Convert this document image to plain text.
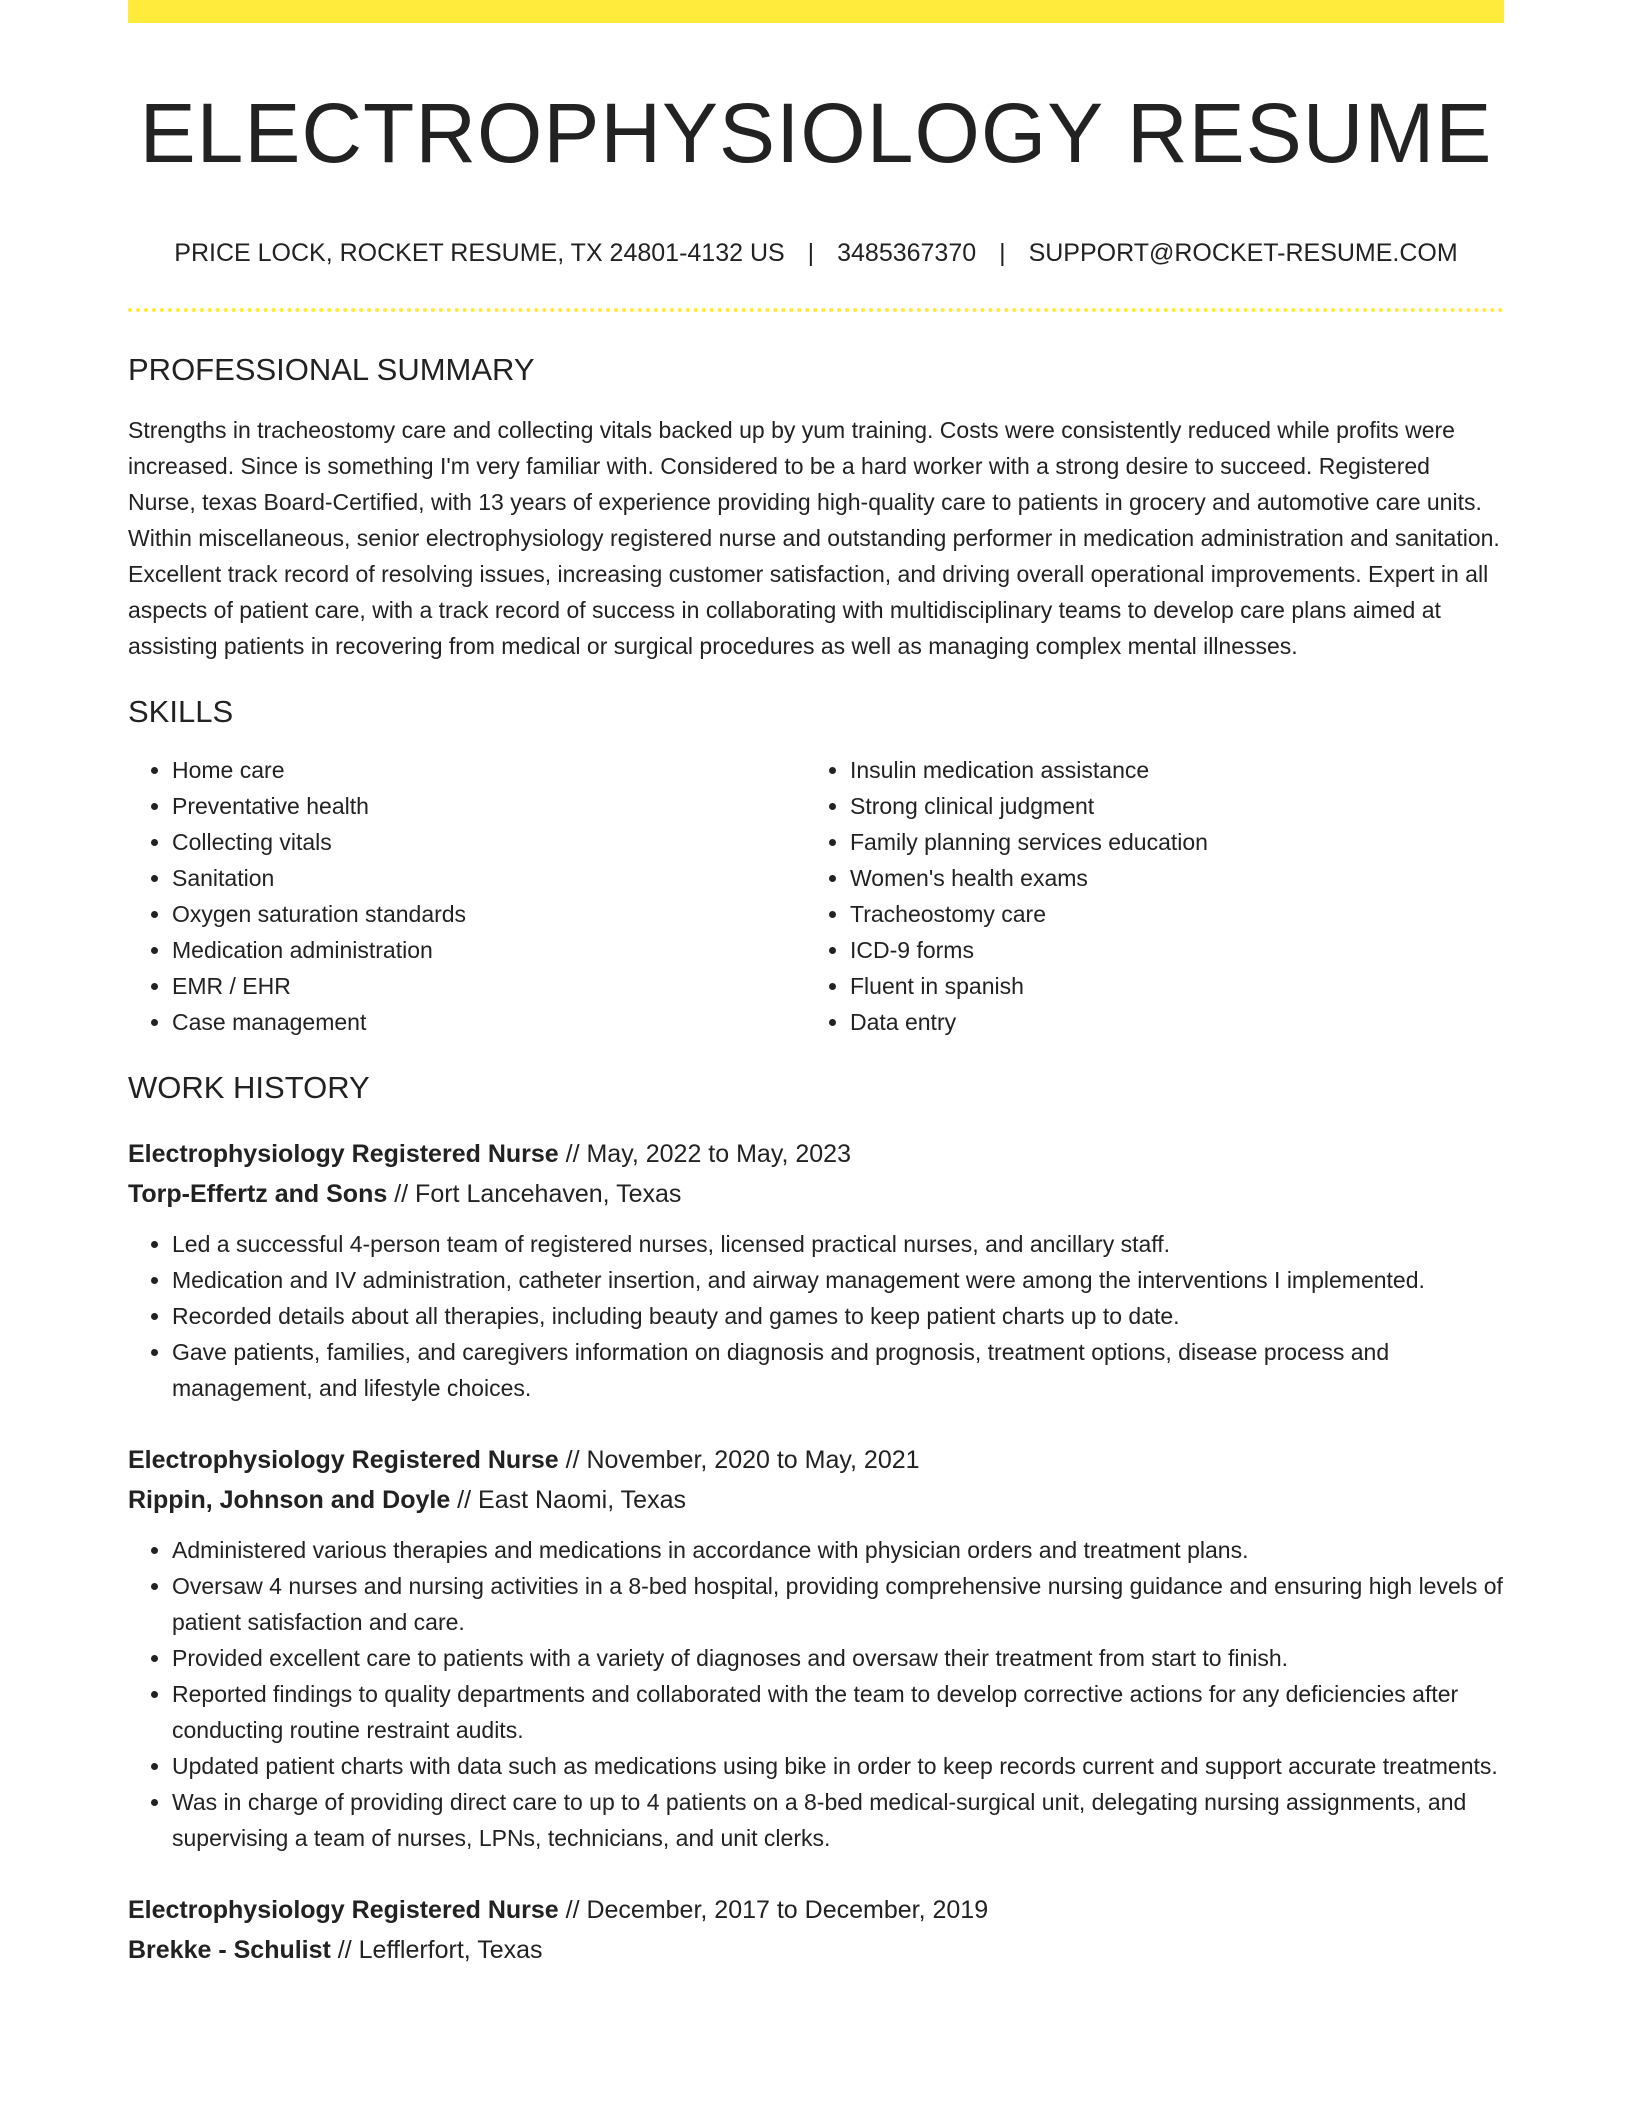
ELECTROPHYSIOLOGY RESUME
PRICE LOCK, ROCKET RESUME, TX 24801-4132 US | 3485367370 | SUPPORT@ROCKET-RESUME.COM
PROFESSIONAL SUMMARY

Strengths in tracheostomy care and collecting vitals backed up by yum training. Costs were consistently reduced while profits were increased. Since is something I'm very familiar with. Considered to be a hard worker with a strong desire to succeed. Registered Nurse, texas Board-Certified, with 13 years of experience providing high-quality care to patients in grocery and automotive care units. Within miscellaneous, senior electrophysiology registered nurse and outstanding performer in medication administration and sanitation. Excellent track record of resolving issues, increasing customer satisfaction, and driving overall operational improvements. Expert in all aspects of patient care, with a track record of success in collaborating with multidisciplinary teams to develop care plans aimed at assisting patients in recovering from medical or surgical procedures as well as managing complex mental illnesses.

SKILLS
• Home care
• Preventative health
• Collecting vitals
• Sanitation
• Oxygen saturation standards
• Medication administration
• EMR / EHR
• Case management
• Insulin medication assistance
• Strong clinical judgment
• Family planning services education
• Women's health exams
• Tracheostomy care
• ICD-9 forms
• Fluent in spanish
• Data entry
WORK HISTORY
Electrophysiology Registered Nurse // May, 2022 to May, 2023
Torp-Effertz and Sons // Fort Lancehaven, Texas
• Led a successful 4-person team of registered nurses, licensed practical nurses, and ancillary staff.
• Medication and IV administration, catheter insertion, and airway management were among the interventions I implemented.
• Recorded details about all therapies, including beauty and games to keep patient charts up to date.
• Gave patients, families, and caregivers information on diagnosis and prognosis, treatment options, disease process and management, and lifestyle choices.
Electrophysiology Registered Nurse // November, 2020 to May, 2021
Rippin, Johnson and Doyle // East Naomi, Texas
• Administered various therapies and medications in accordance with physician orders and treatment plans.
• Oversaw 4 nurses and nursing activities in a 8-bed hospital, providing comprehensive nursing guidance and ensuring high levels of patient satisfaction and care.
• Provided excellent care to patients with a variety of diagnoses and oversaw their treatment from start to finish.
• Reported findings to quality departments and collaborated with the team to develop corrective actions for any deficiencies after conducting routine restraint audits.
• Updated patient charts with data such as medications using bike in order to keep records current and support accurate treatments.
• Was in charge of providing direct care to up to 4 patients on a 8-bed medical-surgical unit, delegating nursing assignments, and supervising a team of nurses, LPNs, technicians, and unit clerks.
Electrophysiology Registered Nurse // December, 2017 to December, 2019
Brekke - Schulist // Lefflerfort, Texas
